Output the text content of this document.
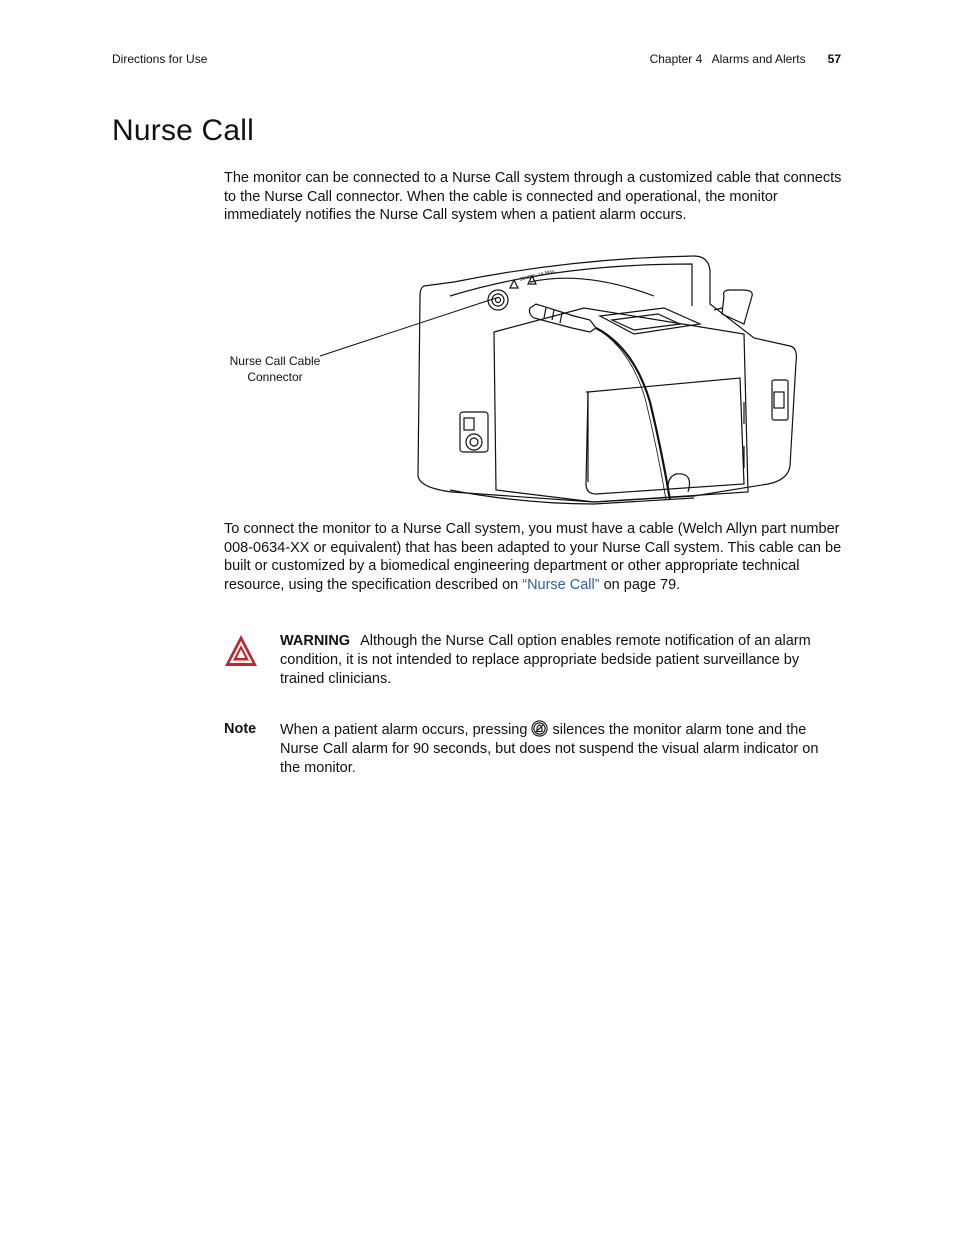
Directions for Use	Chapter 4   Alarms and Alerts 57
Nurse Call

The monitor can be connected to a Nurse Call system through a customized cable that connects to the Nurse Call connector. When the cable is connected and operational, the monitor immediately notifies the Nurse Call system when a patient alarm occurs.

Nurse Call Cable
Connector
30VDC, 1A Max.

To connect the monitor to a Nurse Call system, you must have a cable (Welch Allyn part number 008-0634-XX or equivalent) that has been adapted to your Nurse Call system. This cable can be built or customized by a biomedical engineering department or other appropriate technical resource, using the specification described on “Nurse Call” on page 79.

WARNING Although the Nurse Call option enables remote notification of an alarm condition, it is not intended to replace appropriate bedside patient surveillance by trained clinicians.

Note When a patient alarm occurs, pressing  silences the monitor alarm tone and the Nurse Call alarm for 90 seconds, but does not suspend the visual alarm indicator on the monitor.
